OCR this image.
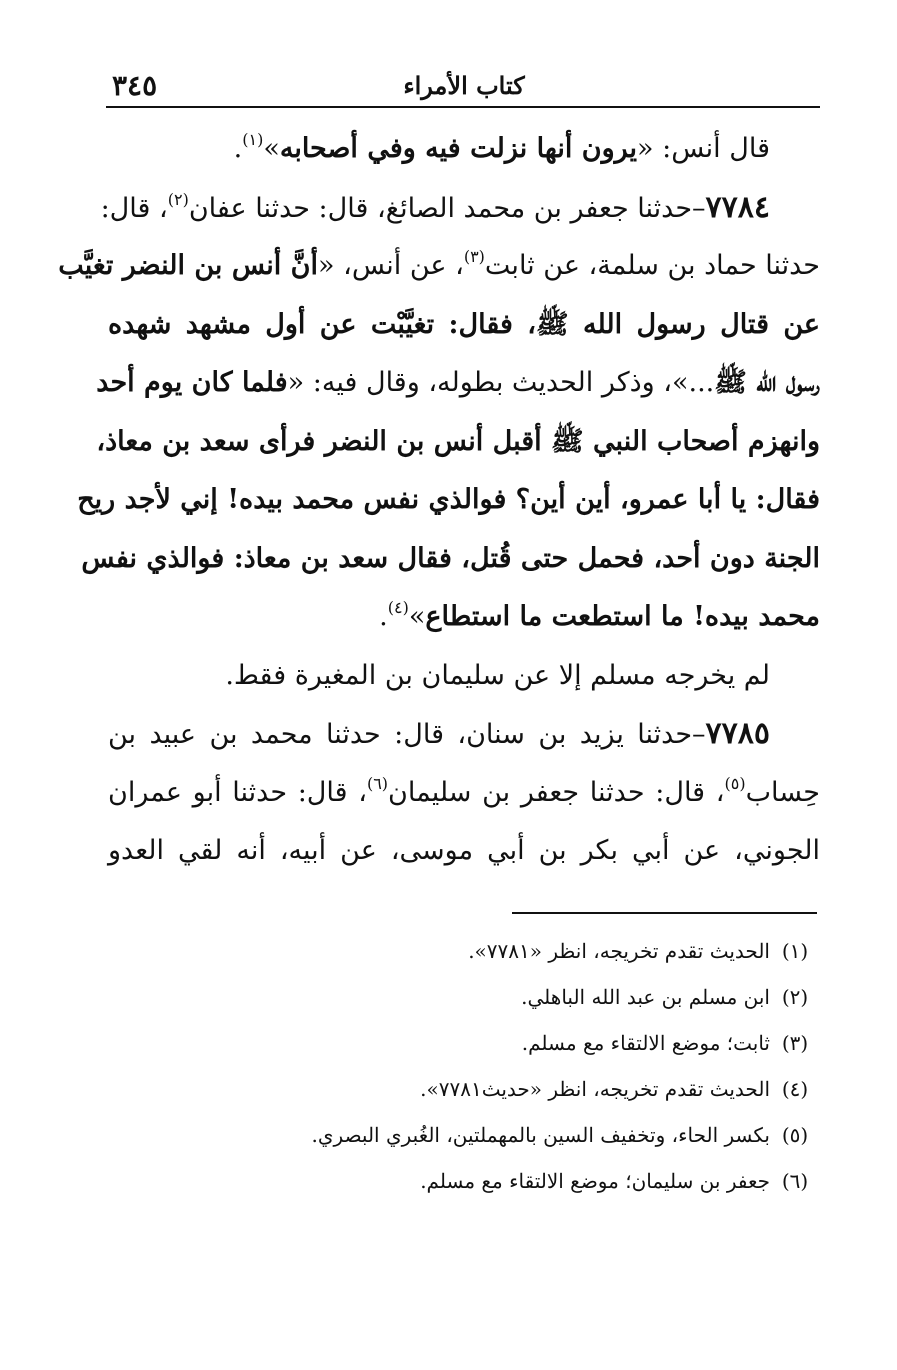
كتاب الأمراء
٣٤٥
قال أنس: «يرون أنها نزلت فيه وفي أصحابه»$^{(١)}$.
٧٧٨٤–حدثنا جعفر بن محمد الصائغ، قال: حدثنا عفان$^{(٢)}$، قال:
حدثنا حماد بن سلمة، عن ثابت$^{(٣)}$، عن أنس، «أنَّ أنس بن النضر تغيَّب
عن قتال رسول الله ﷺ، فقال: تغيَّبْت عن أول مشهد شهده
رسول الله ﷺ...»، وذكر الحديث بطوله، وقال فيه: «فلما كان يوم أحد
وانهزم أصحاب النبي ﷺ أقبل أنس بن النضر فرأى سعد بن معاذ،
فقال: يا أبا عمرو، أين أين؟ فوالذي نفس محمد بيده! إني لأجد ريح
الجنة دون أحد، فحمل حتى قُتل، فقال سعد بن معاذ: فوالذي نفس
محمد بيده! ما استطعت ما استطاع»$^{(٤)}$.
لم يخرجه مسلم إلا عن سليمان بن المغيرة فقط.
٧٧٨٥–حدثنا يزيد بن سنان، قال: حدثنا محمد بن عبيد بن
حِساب$^{(٥)}$، قال: حدثنا جعفر بن سليمان$^{(٦)}$، قال: حدثنا أبو عمران
الجوني، عن أبي بكر بن أبي موسى، عن أبيه، أنه لقي العدو
(١)الحديث تقدم تخريجه، انظر «٧٧٨١».
(٢)ابن مسلم بن عبد الله الباهلي.
(٣)ثابت؛ موضع الالتقاء مع مسلم.
(٤)الحديث تقدم تخريجه، انظر «حديث٧٧٨١».
(٥)بكسر الحاء، وتخفيف السين بالمهملتين، الغُبري البصري.
(٦)جعفر بن سليمان؛ موضع الالتقاء مع مسلم.
